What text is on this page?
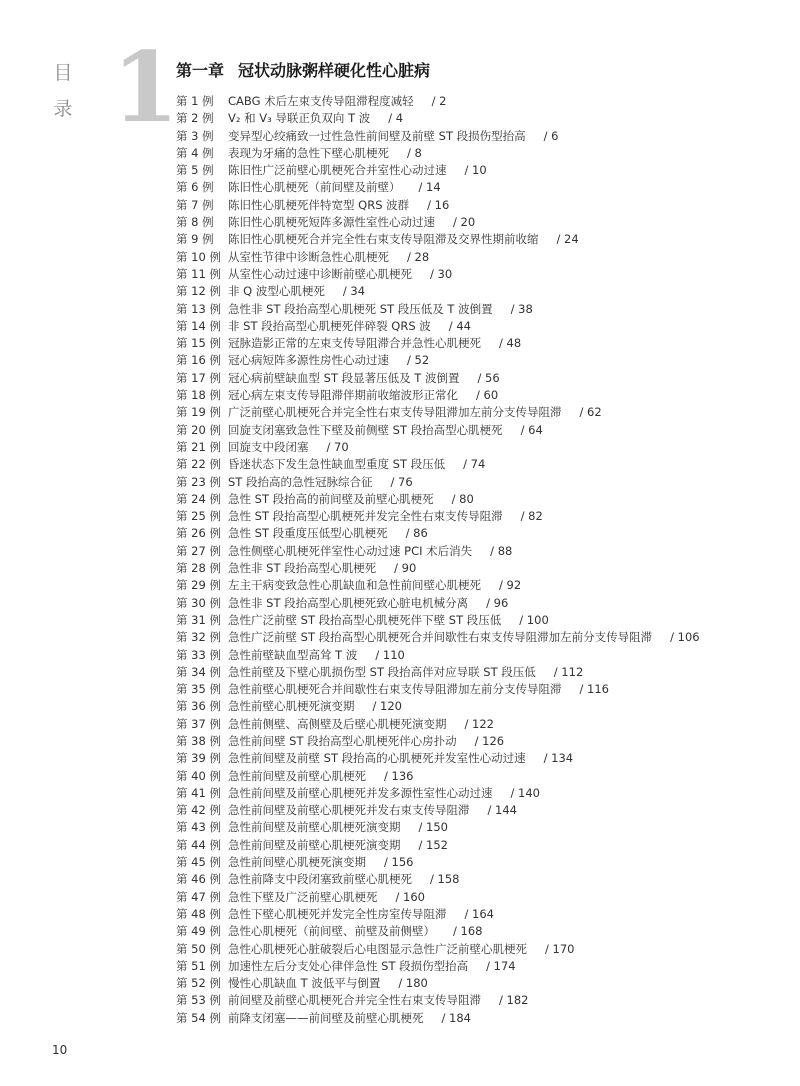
目
录 1
第一章 冠状动脉粥样硬化性心脏病
第 1 例 CABG 术后左束支传导阻滞程度减轻 / 2
第 2 例 V₂ 和 V₃ 导联正负双向 T 波 / 4
第 3 例 变异型心绞痛致一过性急性前间壁及前壁 ST 段损伤型抬高 / 6
第 4 例 表现为牙痛的急性下壁心肌梗死 / 8
第 5 例 陈旧性广泛前壁心肌梗死合并室性心动过速 / 10
第 6 例 陈旧性心肌梗死（前间壁及前壁） / 14
第 7 例 陈旧性心肌梗死伴特宽型 QRS 波群 / 16
第 8 例 陈旧性心肌梗死短阵多源性室性心动过速 / 20
第 9 例 陈旧性心肌梗死合并完全性右束支传导阻滞及交界性期前收缩 / 24
第 10 例 从室性节律中诊断急性心肌梗死 / 28
第 11 例 从室性心动过速中诊断前壁心肌梗死 / 30
第 12 例 非 Q 波型心肌梗死 / 34
第 13 例 急性非 ST 段抬高型心肌梗死 ST 段压低及 T 波倒置 / 38
第 14 例 非 ST 段抬高型心肌梗死伴碎裂 QRS 波 / 44
第 15 例 冠脉造影正常的左束支传导阻滞合并急性心肌梗死 / 48
第 16 例 冠心病短阵多源性房性心动过速 / 52
第 17 例 冠心病前壁缺血型 ST 段显著压低及 T 波倒置 / 56
第 18 例 冠心病左束支传导阻滞伴期前收缩波形正常化 / 60
第 19 例 广泛前壁心肌梗死合并完全性右束支传导阻滞加左前分支传导阻滞 / 62
第 20 例 回旋支闭塞致急性下壁及前侧壁 ST 段抬高型心肌梗死 / 64
第 21 例 回旋支中段闭塞 / 70
第 22 例 昏迷状态下发生急性缺血型重度 ST 段压低 / 74
第 23 例 ST 段抬高的急性冠脉综合征 / 76
第 24 例 急性 ST 段抬高的前间壁及前壁心肌梗死 / 80
第 25 例 急性 ST 段抬高型心肌梗死并发完全性右束支传导阻滞 / 82
第 26 例 急性 ST 段重度压低型心肌梗死 / 86
第 27 例 急性侧壁心肌梗死伴室性心动过速 PCI 术后消失 / 88
第 28 例 急性非 ST 段抬高型心肌梗死 / 90
第 29 例 左主干病变致急性心肌缺血和急性前间壁心肌梗死 / 92
第 30 例 急性非 ST 段抬高型心肌梗死致心脏电机械分离 / 96
第 31 例 急性广泛前壁 ST 段抬高型心肌梗死伴下壁 ST 段压低 / 100
第 32 例 急性广泛前壁 ST 段抬高型心肌梗死合并间歇性右束支传导阻滞加左前分支传导阻滞 / 106
第 33 例 急性前壁缺血型高耸 T 波 / 110
第 34 例 急性前壁及下壁心肌损伤型 ST 段抬高伴对应导联 ST 段压低 / 112
第 35 例 急性前壁心肌梗死合并间歇性右束支传导阻滞加左前分支传导阻滞 / 116
第 36 例 急性前壁心肌梗死演变期 / 120
第 37 例 急性前侧壁、高侧壁及后壁心肌梗死演变期 / 122
第 38 例 急性前间壁 ST 段抬高型心肌梗死伴心房扑动 / 126
第 39 例 急性前间壁及前壁 ST 段抬高的心肌梗死并发室性心动过速 / 134
第 40 例 急性前间壁及前壁心肌梗死 / 136
第 41 例 急性前间壁及前壁心肌梗死并发多源性室性心动过速 / 140
第 42 例 急性前间壁及前壁心肌梗死并发右束支传导阻滞 / 144
第 43 例 急性前间壁及前壁心肌梗死演变期 / 150
第 44 例 急性前间壁及前壁心肌梗死演变期 / 152
第 45 例 急性前间壁心肌梗死演变期 / 156
第 46 例 急性前降支中段闭塞致前壁心肌梗死 / 158
第 47 例 急性下壁及广泛前壁心肌梗死 / 160
第 48 例 急性下壁心肌梗死并发完全性房室传导阻滞 / 164
第 49 例 急性心肌梗死（前间壁、前壁及前侧壁） / 168
第 50 例 急性心肌梗死心脏破裂后心电图显示急性广泛前壁心肌梗死 / 170
第 51 例 加速性左后分支处心律伴急性 ST 段损伤型抬高 / 174
第 52 例 慢性心肌缺血 T 波低平与倒置 / 180
第 53 例 前间壁及前壁心肌梗死合并完全性右束支传导阻滞 / 182
第 54 例 前降支闭塞——前间壁及前壁心肌梗死 / 184
10
